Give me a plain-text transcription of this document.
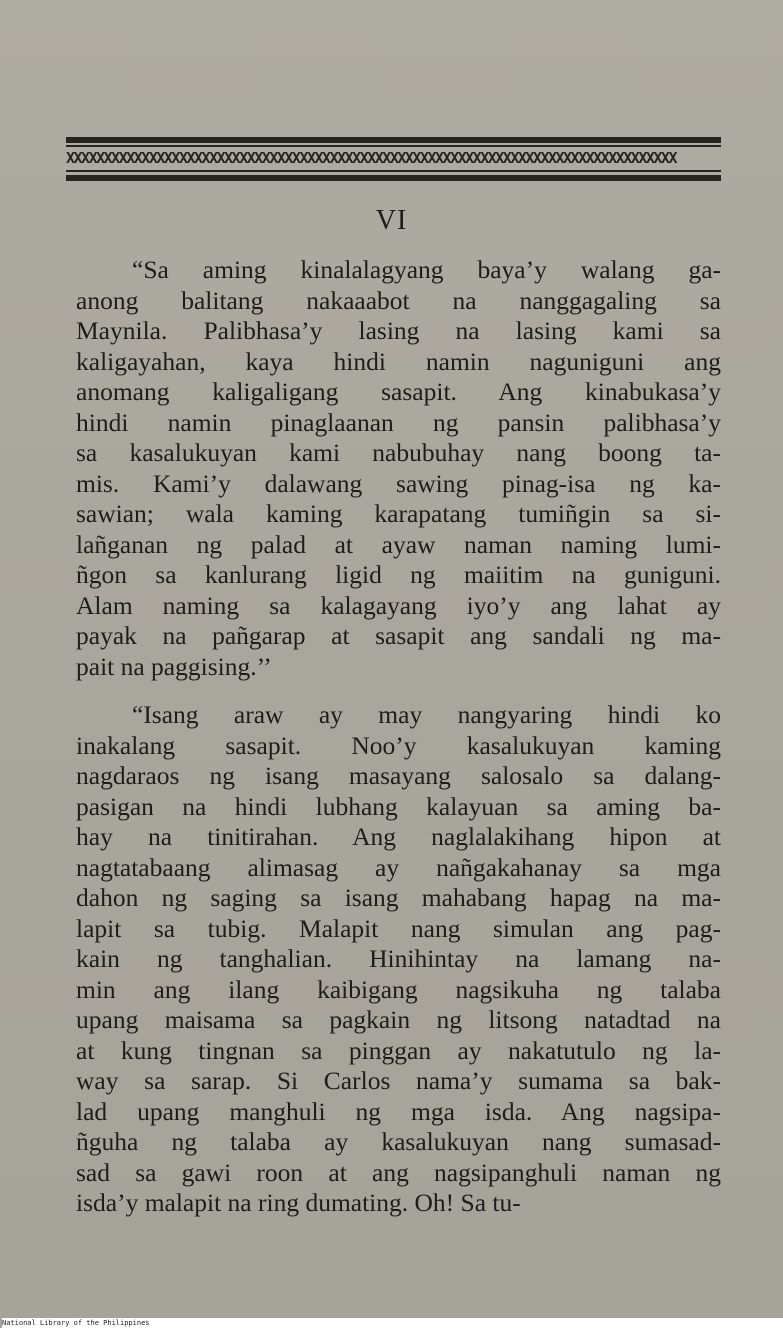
XXXXXXXXXXXXXXXXXXXXXXXXXXXXXXXXXXXXXXXXXXXXXXXXXXXXXXXXXXXXXXXXXXXXXXXXXXXXXXXXX
VI
“Sa aming kinalalagyang baya’y walang ga-
anong balitang nakaaabot na nanggagaling sa
Maynila. Palibhasa’y lasing na lasing kami sa
kaligayahan, kaya hindi namin naguniguni ang
anomang kaligaligang sasapit. Ang kinabukasa’y
hindi namin pinaglaanan ng pansin palibhasa’y
sa kasalukuyan kami nabubuhay nang boong ta-
mis. Kami’y dalawang sawing pinag-isa ng ka-
sawian; wala kaming karapatang tumiñgin sa si-
lañganan ng palad at ayaw naman naming lumi-
ñgon sa kanlurang ligid ng maiitim na guniguni.
Alam naming sa kalagayang iyo’y ang lahat ay
payak na pañgarap at sasapit ang sandali ng ma-
pait na paggising.’’
“Isang araw ay may nangyaring hindi ko
inakalang sasapit. Noo’y kasalukuyan kaming
nagdaraos ng isang masayang salosalo sa dalang-
pasigan na hindi lubhang kalayuan sa aming ba-
hay na tinitirahan. Ang naglalakihang hipon at
nagtatabaang alimasag ay nañgakahanay sa mga
dahon ng saging sa isang mahabang hapag na ma-
lapit sa tubig. Malapit nang simulan ang pag-
kain ng tanghalian. Hinihintay na lamang na-
min ang ilang kaibigang nagsikuha ng talaba
upang maisama sa pagkain ng litsong natadtad na
at kung tingnan sa pinggan ay nakatutulo ng la-
way sa sarap. Si Carlos nama’y sumama sa bak-
lad upang manghuli ng mga isda. Ang nagsipa-
ñguha ng talaba ay kasalukuyan nang sumasad-
sad sa gawi roon at ang nagsipanghuli naman ng
isda’y malapit na ring dumating. Oh! Sa tu-
National Library of the Philippines
